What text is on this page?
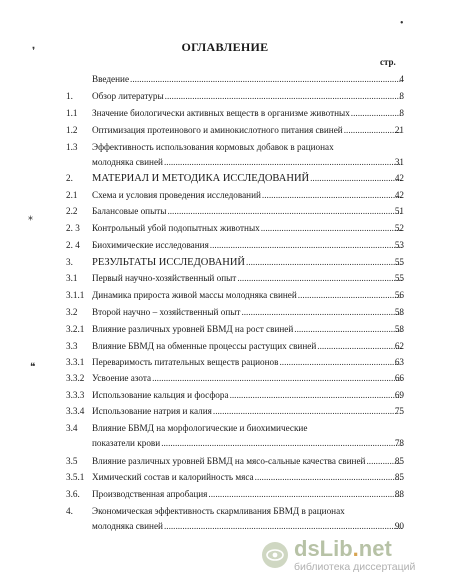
ОГЛАВЛЕНИЕ
стр.
❜
⁎
❝
•
Введение .....	4
1. Обзор литературы .....	8
1.1 Значение биологически активных веществ в организме животных .....	8
1.2 Оптимизация протеинового и аминокислотного питания свиней .....	21
1.3 Эффективность использования кормовых добавок в рационах
молодняка свиней .....	31
2. МАТЕРИАЛ И МЕТОДИКА ИССЛЕДОВАНИЙ .....	42
2.1 Схема и условия проведения исследований .....	42
2.2 Балансовые опыты .....	51
2. 3 Контрольный убой подопытных животных .....	52
2. 4 Биохимические исследования .....	53
3. РЕЗУЛЬТАТЫ ИССЛЕДОВАНИЙ .....	55
3.1 Первый научно-хозяйственный опыт .....	55
3.1.1 Динамика прироста живой массы молодняка свиней .....	56
3.2 Второй научно – хозяйственный опыт .....	58
3.2.1 Влияние различных уровней БВМД на рост свиней .....	58
3.3 Влияние БВМД на обменные процессы растущих свиней .....	62
3.3.1 Переваримость питательных веществ рационов .....	63
3.3.2 Усвоение азота .....	66
3.3.3 Использование кальция и фосфора .....	69
3.3.4 Использование натрия и калия .....	75
3.4 Влияние БВМД на морфологические и биохимические
показатели крови .....	78
3.5 Влияние различных уровней БВМД на мясо-сальные качества свиней .....	85
3.5.1 Химический состав и калорийность мяса .....	85
3.6. Производственная апробация .....	88
4. Экономическая эффективность скармливания БВМД в рационах
молодняка свиней .....	90
dsLib.net
библиотека диссертаций
